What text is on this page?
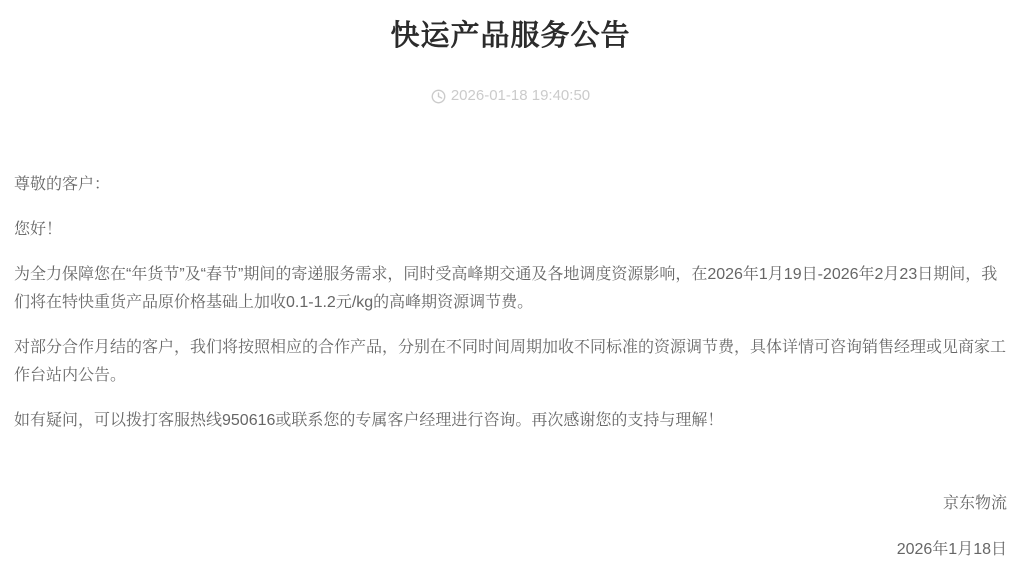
快运产品服务公告
2026-01-18 19:40:50

尊敬的客户：

您好！

为全力保障您在“年货节”及“春节”期间的寄递服务需求，同时受高峰期交通及各地调度资源影响，在2026年1月19日-2026年2月23日期间，我们将在特快重货产品原价格基础上加收0.1-1.2元/kg的高峰期资源调节费。

对部分合作月结的客户，我们将按照相应的合作产品，分别在不同时间周期加收不同标准的资源调节费，具体详情可咨询销售经理或见商家工作台站内公告。

如有疑问，可以拨打客服热线950616或联系您的专属客户经理进行咨询。再次感谢您的支持与理解！

京东物流

2026年1月18日
